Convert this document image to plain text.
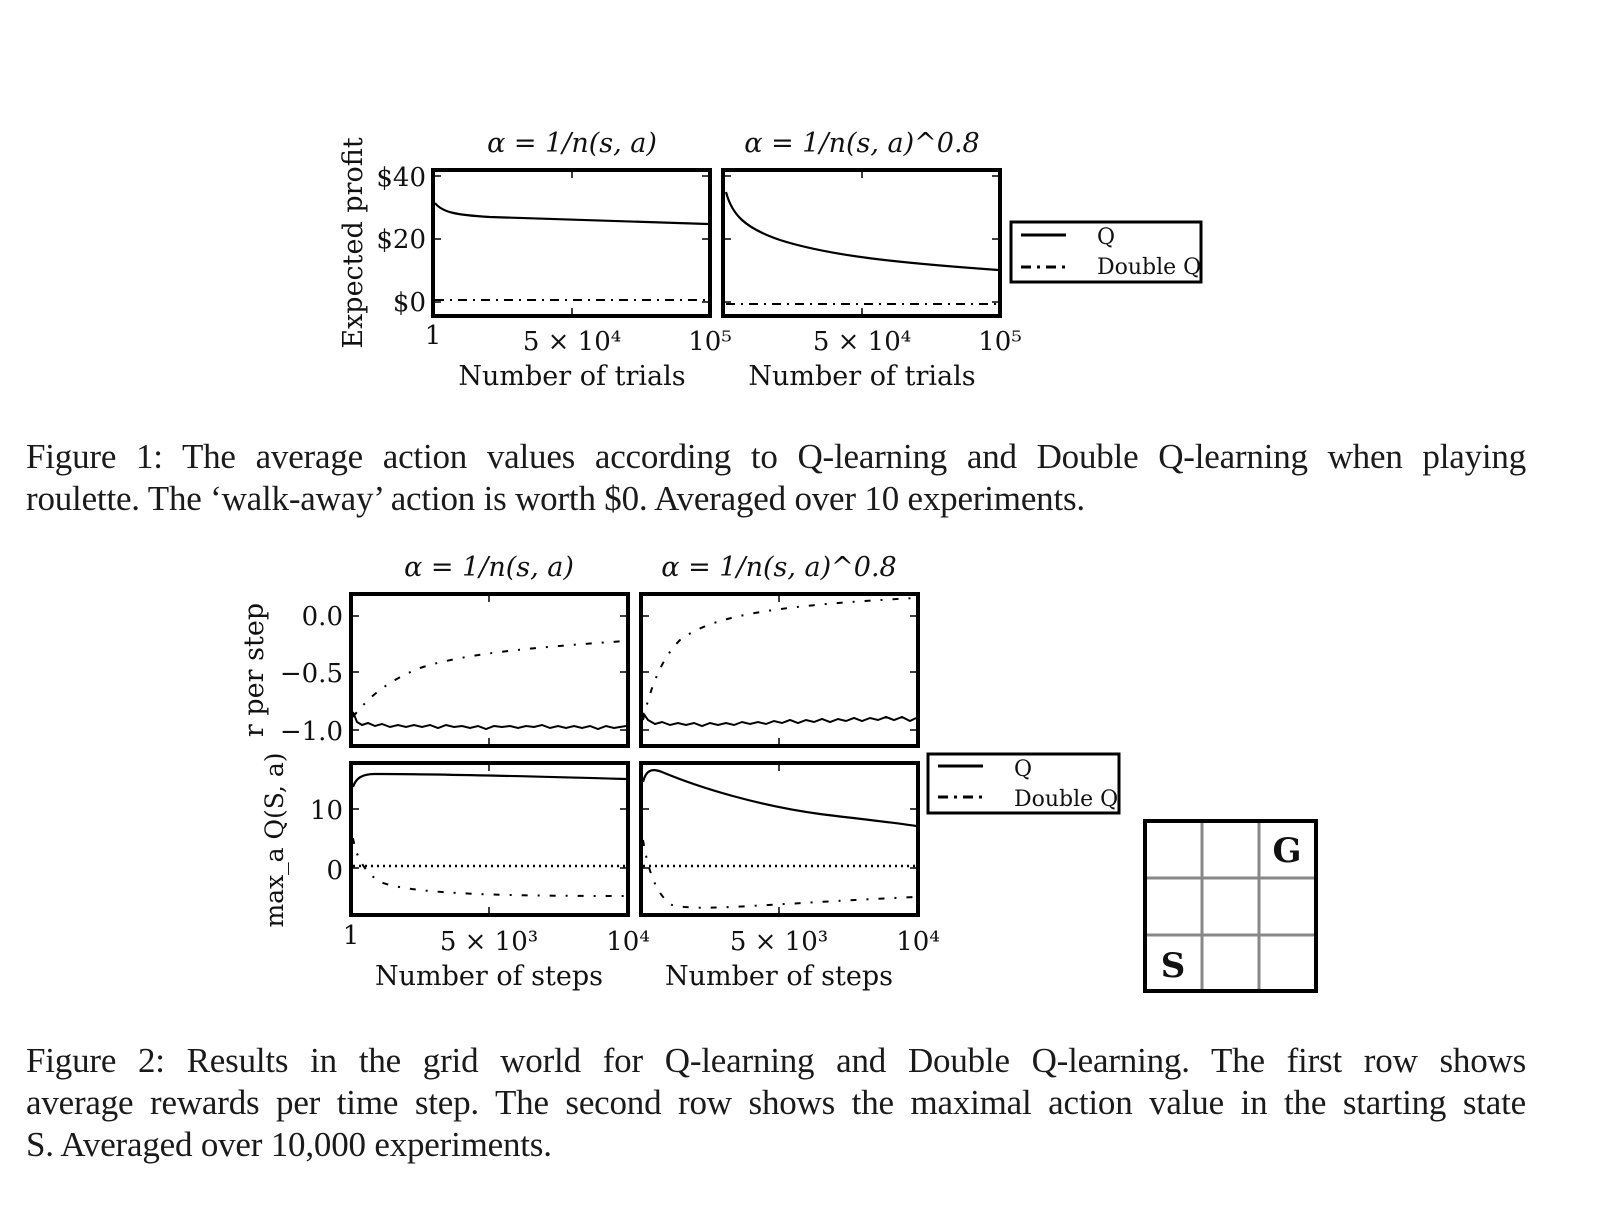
Expected profit $40
$20
$0
α = 1/n(s, a)
1	5 × 10⁴	10⁵
Number of trials
α = 1/n(s, a)^0.8
5 × 10⁴	10⁵
Number of trials
Q
Double Q
r per step
max_a Q(S, a)
0.0
−0.5
−1.0
10
0
α = 1/n(s, a)	α = 1/n(s, a)^0.8
1	5 × 10³	10⁴
Number of steps
5 × 10³	10⁴
Number of steps
Q
Double Q
G
S
Figure 1: The average action values according to Q-learning and Double Q-learning when playing
roulette. The ‘walk-away’ action is worth $0. Averaged over 10 experiments.
Figure 2: Results in the grid world for Q-learning and Double Q-learning. The first row shows
average rewards per time step. The second row shows the maximal action value in the starting state
S. Averaged over 10,000 experiments.
